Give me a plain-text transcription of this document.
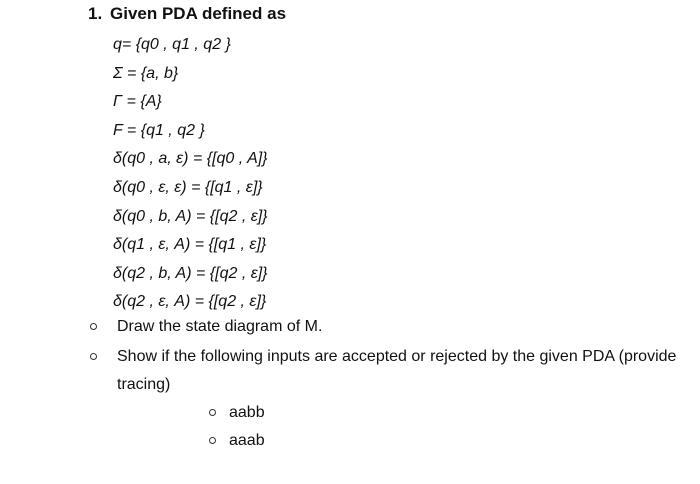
1. Given PDA defined as
q= {q0 , q1 , q2 }
Σ = {a, b}
Γ = {A}
F = {q1 , q2 }
δ(q0 , a, ε) = {[q0 , A]}
δ(q0 , ε, ε) = {[q1 , ε]}
δ(q0 , b, A) = {[q2 , ε]}
δ(q1 , ε, A) = {[q1 , ε]}
δ(q2 , b, A) = {[q2 , ε]}
δ(q2 , ε, A) = {[q2 , ε]}
Draw the state diagram of M.
Show if the following inputs are accepted or rejected by the given PDA (provide tracing)
aabb
aaab
